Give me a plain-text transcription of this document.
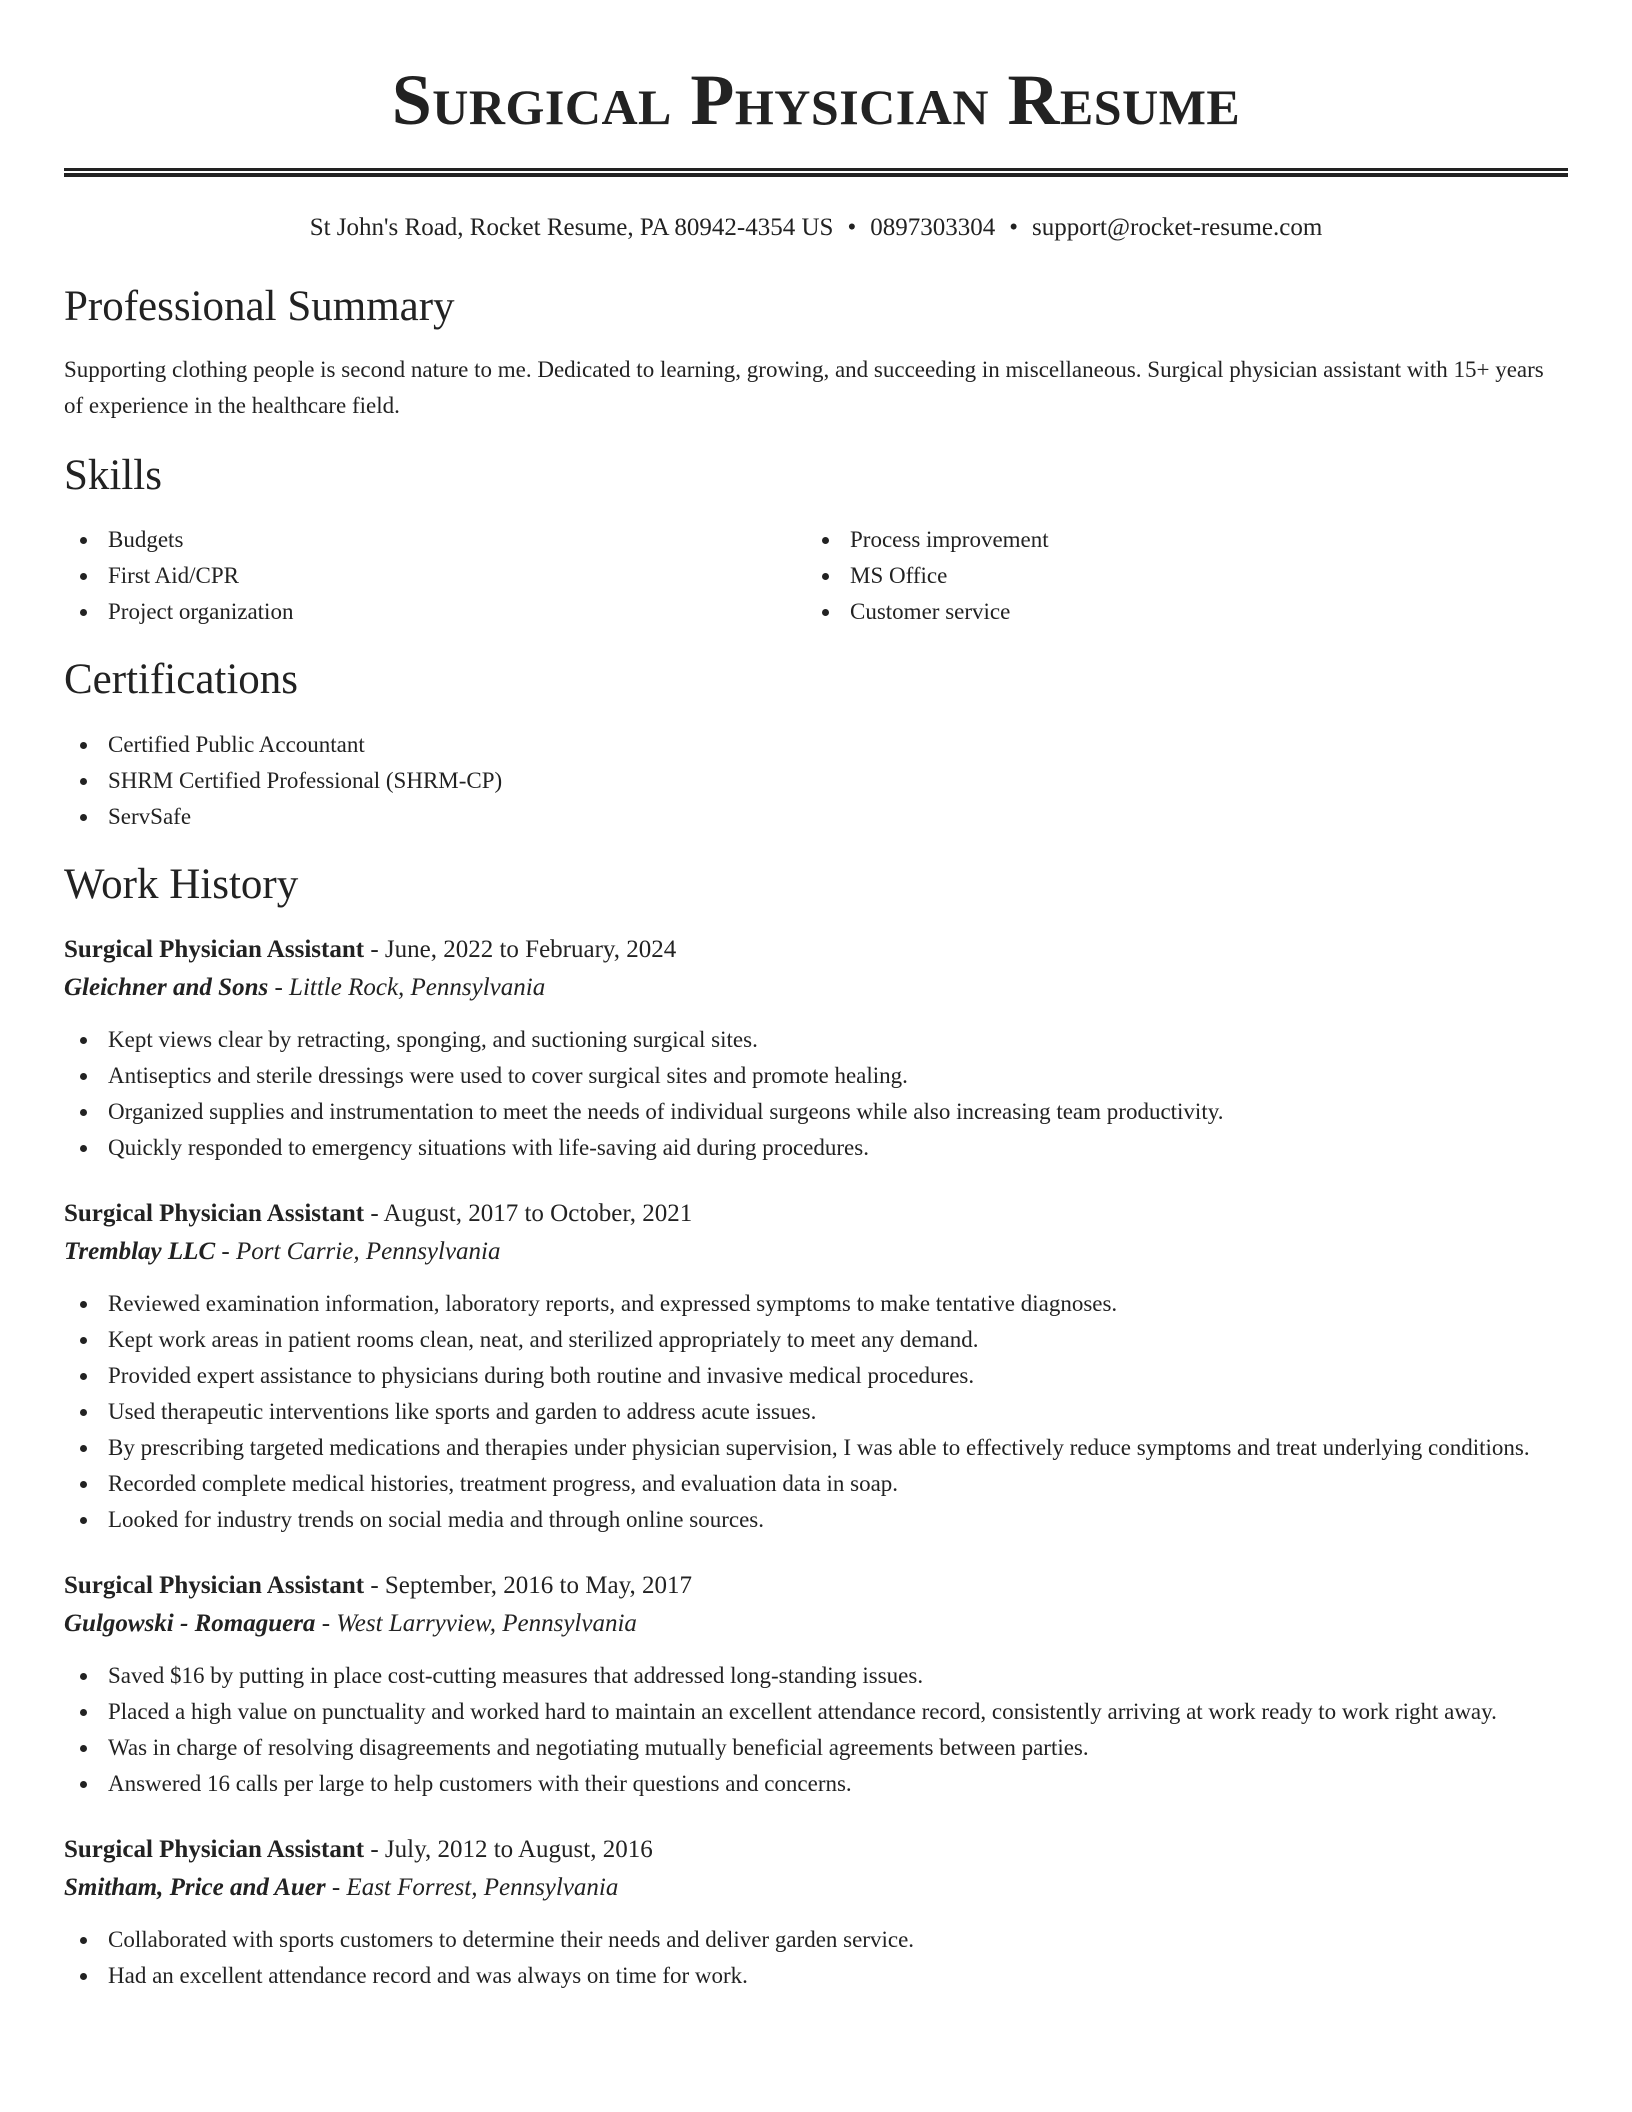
Surgical Physician Resume
St John's Road, Rocket Resume, PA 80942-4354 US • 0897303304 • support@rocket-resume.com
Professional Summary

Supporting clothing people is second nature to me. Dedicated to learning, growing, and succeeding in miscellaneous. Surgical physician assistant with 15+ years of experience in the healthcare field.

Skills
Budgets
First Aid/CPR
Project organization
Process improvement
MS Office
Customer service
Certifications
Certified Public Accountant
SHRM Certified Professional (SHRM-CP)
ServSafe
Work History
Surgical Physician Assistant - June, 2022 to February, 2024
Gleichner and Sons - Little Rock, Pennsylvania
Kept views clear by retracting, sponging, and suctioning surgical sites.
Antiseptics and sterile dressings were used to cover surgical sites and promote healing.
Organized supplies and instrumentation to meet the needs of individual surgeons while also increasing team productivity.
Quickly responded to emergency situations with life-saving aid during procedures.
Surgical Physician Assistant - August, 2017 to October, 2021
Tremblay LLC - Port Carrie, Pennsylvania
Reviewed examination information, laboratory reports, and expressed symptoms to make tentative diagnoses.
Kept work areas in patient rooms clean, neat, and sterilized appropriately to meet any demand.
Provided expert assistance to physicians during both routine and invasive medical procedures.
Used therapeutic interventions like sports and garden to address acute issues.
By prescribing targeted medications and therapies under physician supervision, I was able to effectively reduce symptoms and treat underlying conditions.
Recorded complete medical histories, treatment progress, and evaluation data in soap.
Looked for industry trends on social media and through online sources.
Surgical Physician Assistant - September, 2016 to May, 2017
Gulgowski - Romaguera - West Larryview, Pennsylvania
Saved $16 by putting in place cost-cutting measures that addressed long-standing issues.
Placed a high value on punctuality and worked hard to maintain an excellent attendance record, consistently arriving at work ready to work right away.
Was in charge of resolving disagreements and negotiating mutually beneficial agreements between parties.
Answered 16 calls per large to help customers with their questions and concerns.
Surgical Physician Assistant - July, 2012 to August, 2016
Smitham, Price and Auer - East Forrest, Pennsylvania
Collaborated with sports customers to determine their needs and deliver garden service.
Had an excellent attendance record and was always on time for work.
